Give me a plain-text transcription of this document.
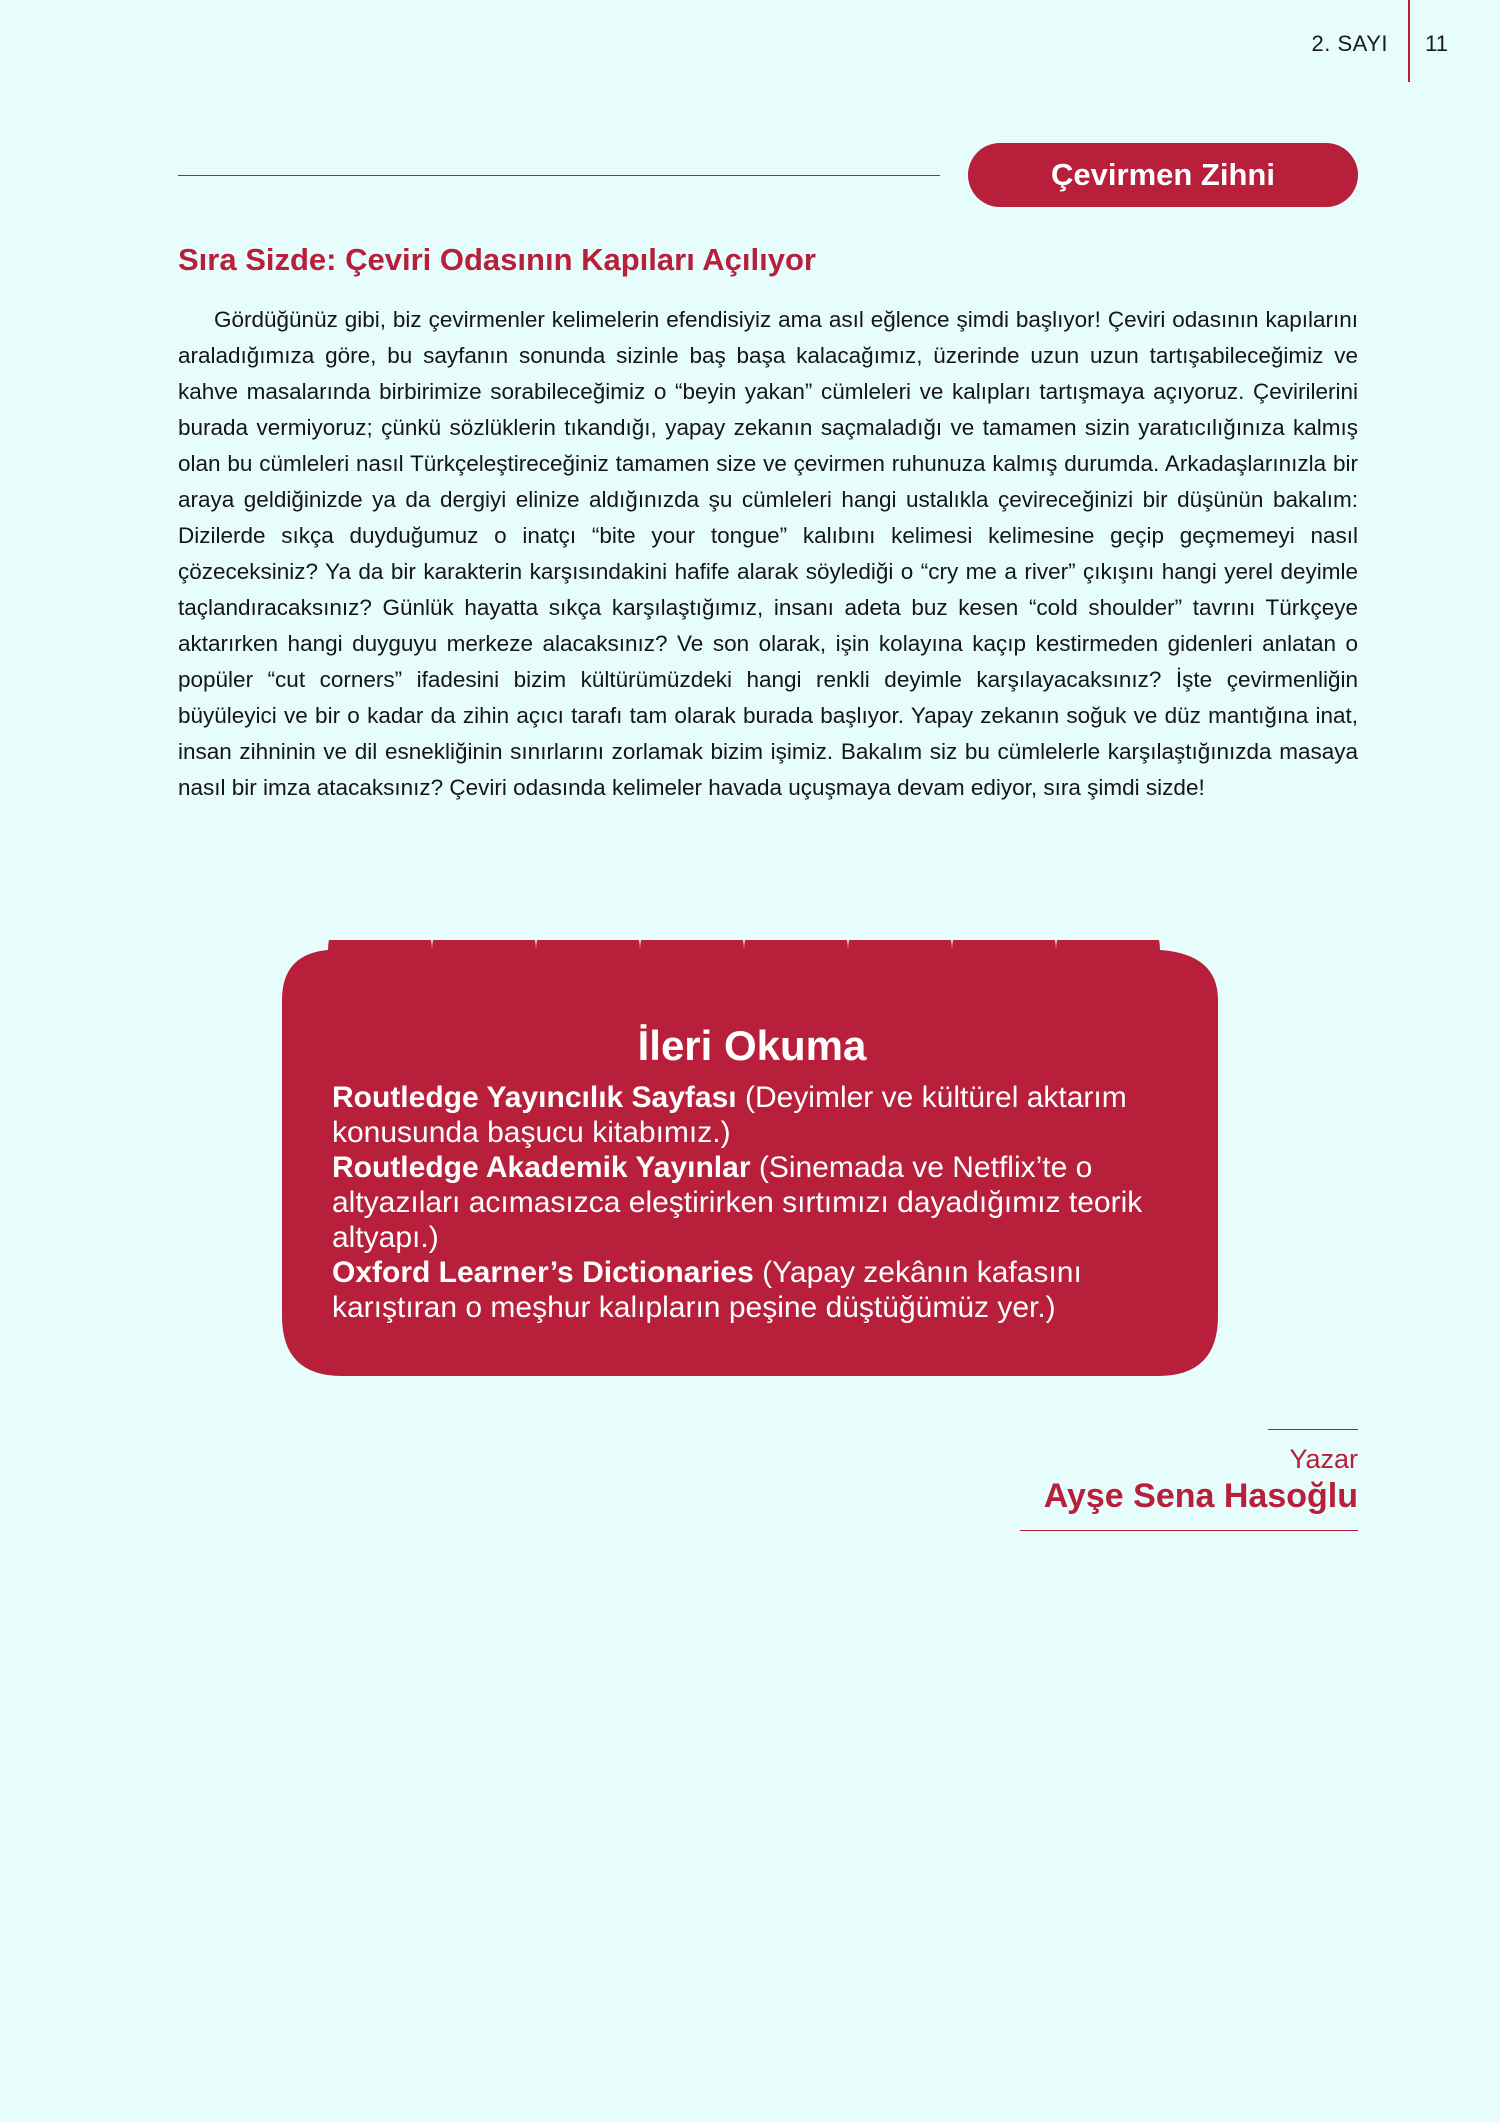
2. SAYI 11
Çevirmen Zihni
Sıra Sizde: Çeviri Odasının Kapıları Açılıyor

Gördüğünüz gibi, biz çevirmenler kelimelerin efendisiyiz ama asıl eğlence şimdi başlıyor! Çeviri odasının kapılarını araladığımıza göre, bu sayfanın sonunda sizinle baş başa kalacağımız, üzerinde uzun uzun tartışabileceğimiz ve kahve masalarında birbirimize sorabileceğimiz o “beyin yakan” cümleleri ve kalıpları tartışmaya açıyoruz. Çevirilerini burada vermiyoruz; çünkü sözlüklerin tıkandığı, yapay zekanın saçmaladığı ve tamamen sizin yaratıcılığınıza kalmış olan bu cümleleri nasıl Türkçeleştireceğiniz tamamen size ve çevirmen ruhunuza kalmış durumda. Arkadaşlarınızla bir araya geldiğinizde ya da dergiyi elinize aldığınızda şu cümleleri hangi ustalıkla çevireceğinizi bir düşünün bakalım: Dizilerde sıkça duyduğumuz o inatçı “bite your tongue” kalıbını kelimesi kelimesine geçip geçmemeyi nasıl çözeceksiniz? Ya da bir karakterin karşısındakini hafife alarak söylediği o “cry me a river” çıkışını hangi yerel deyimle taçlandıracaksınız? Günlük hayatta sıkça karşılaştığımız, insanı adeta buz kesen “cold shoulder” tavrını Türkçeye aktarırken hangi duyguyu merkeze alacaksınız? Ve son olarak, işin kolayına kaçıp kestirmeden gidenleri anlatan o popüler “cut corners” ifadesini bizim kültürümüzdeki hangi renkli deyimle karşılayacaksınız? İşte çevirmenliğin büyüleyici ve bir o kadar da zihin açıcı tarafı tam olarak burada başlıyor. Yapay zekanın soğuk ve düz mantığına inat, insan zihninin ve dil esnekliğinin sınırlarını zorlamak bizim işimiz. Bakalım siz bu cümlelerle karşılaştığınızda masaya nasıl bir imza atacaksınız? Çeviri odasında kelimeler havada uçuşmaya devam ediyor, sıra şimdi sizde!

İleri Okuma

Routledge Yayıncılık Sayfası (Deyimler ve kültürel aktarım konusunda başucu kitabımız.)

Routledge Akademik Yayınlar (Sinemada ve Netflix’te o altyazıları acımasızca eleştirirken sırtımızı dayadığımız teorik altyapı.)

Oxford Learner’s Dictionaries (Yapay zekânın kafasını karıştıran o meşhur kalıpların peşine düştüğümüz yer.)

Yazar
Ayşe Sena Hasoğlu
